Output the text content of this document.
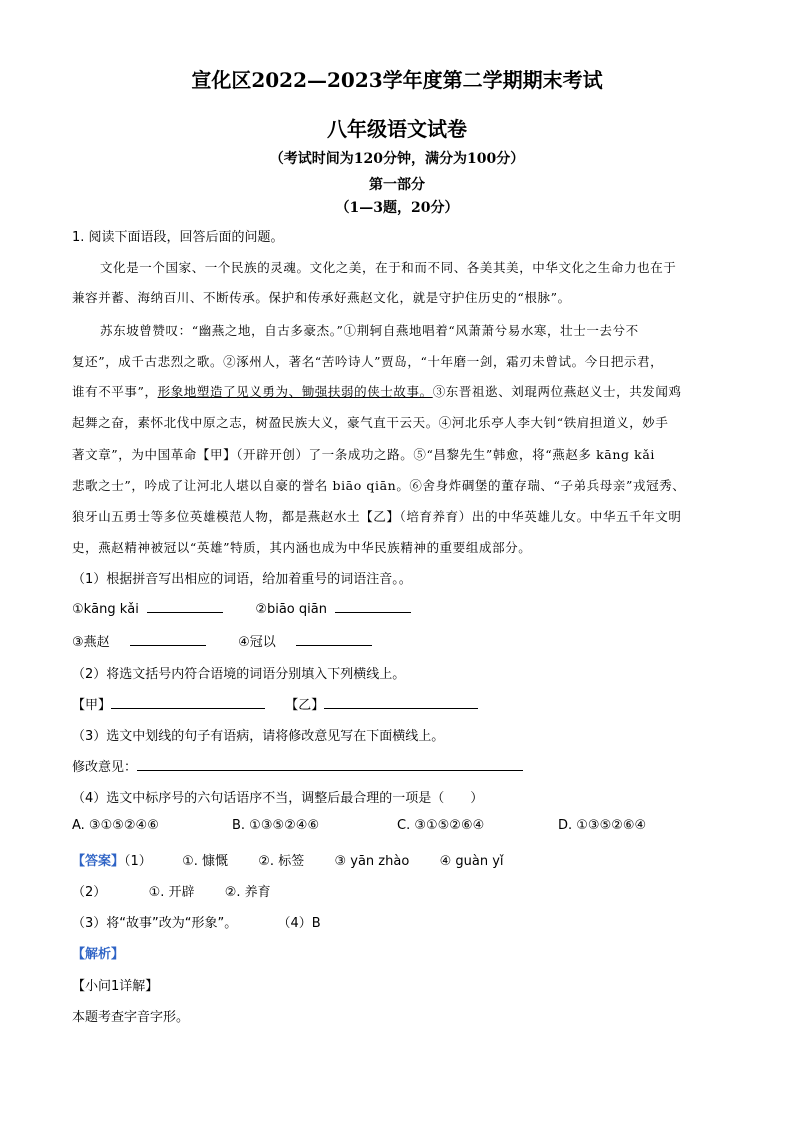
宣化区2022—2023学年度第二学期期末考试
八年级语文试卷
（考试时间为120分钟，满分为100分）
第一部分
（1—3题，20分）
1. 阅读下面语段，回答后面的问题。
文化是一个国家、一个民族的灵魂。文化之美，在于和而不同、各美其美，中华文化之生命力也在于
兼容并蓄、海纳百川、不断传承。保护和传承好燕赵文化，就是守护住历史的“根脉”。
苏东坡曾赞叹：“幽燕之地，自古多豪杰。”①荆轲自燕地唱着“风萧萧兮易水寒，壮士一去兮不
复还”，成千古悲烈之歌。②涿州人，著名“苦吟诗人”贾岛，“十年磨一剑，霜刃未曾试。今日把示君，
谁有不平事”，形象地塑造了见义勇为、锄强扶弱的侠士故事。③东晋祖逖、刘琨两位燕赵义士，共发闻鸡
起舞之奋，素怀北伐中原之志，树盈民族大义，豪气直干云天。④河北乐亭人李大钊“铁肩担道义，妙手
著文章”，为中国革命【甲】（开辟开创）了一条成功之路。⑤“昌黎先生”韩愈，将“燕赵多 kāng kǎi
悲歌之士”，吟成了让河北人堪以自豪的誉名 biāo qiān。⑥舍身炸碉堡的董存瑞、“子弟兵母亲”戎冠秀、
狼牙山五勇士等多位英雄模范人物，都是燕赵水土【乙】（培育养育）出的中华英雄儿女。中华五千年文明
史，燕赵精神被冠以“英雄”特质，其内涵也成为中华民族精神的重要组成部分。
（1）根据拼音写出相应的词语，给加着重号的词语注音。。
①kāng kǎi	②biāo qiān
③燕赵	④冠以
（2）将选文括号内符合语境的词语分别填入下列横线上。
【甲】	【乙】
（3）选文中划线的句子有语病，请将修改意见写在下面横线上。
修改意见：
（4）选文中标序号的六句话语序不当，调整后最合理的一项是（　　）
A. ③①⑤②④⑥	B. ①③⑤②④⑥	C. ③①⑤②⑥④	D. ①③⑤②⑥④
【答案】（1） ①. 慷慨 ②. 标签 ③ yān zhào ④ guàn yǐ
（2）	①. 开辟 ②. 养育
（3）将“故事”改为“形象”。	（4）B
【解析】
【小问1详解】
本题考查字音字形。
